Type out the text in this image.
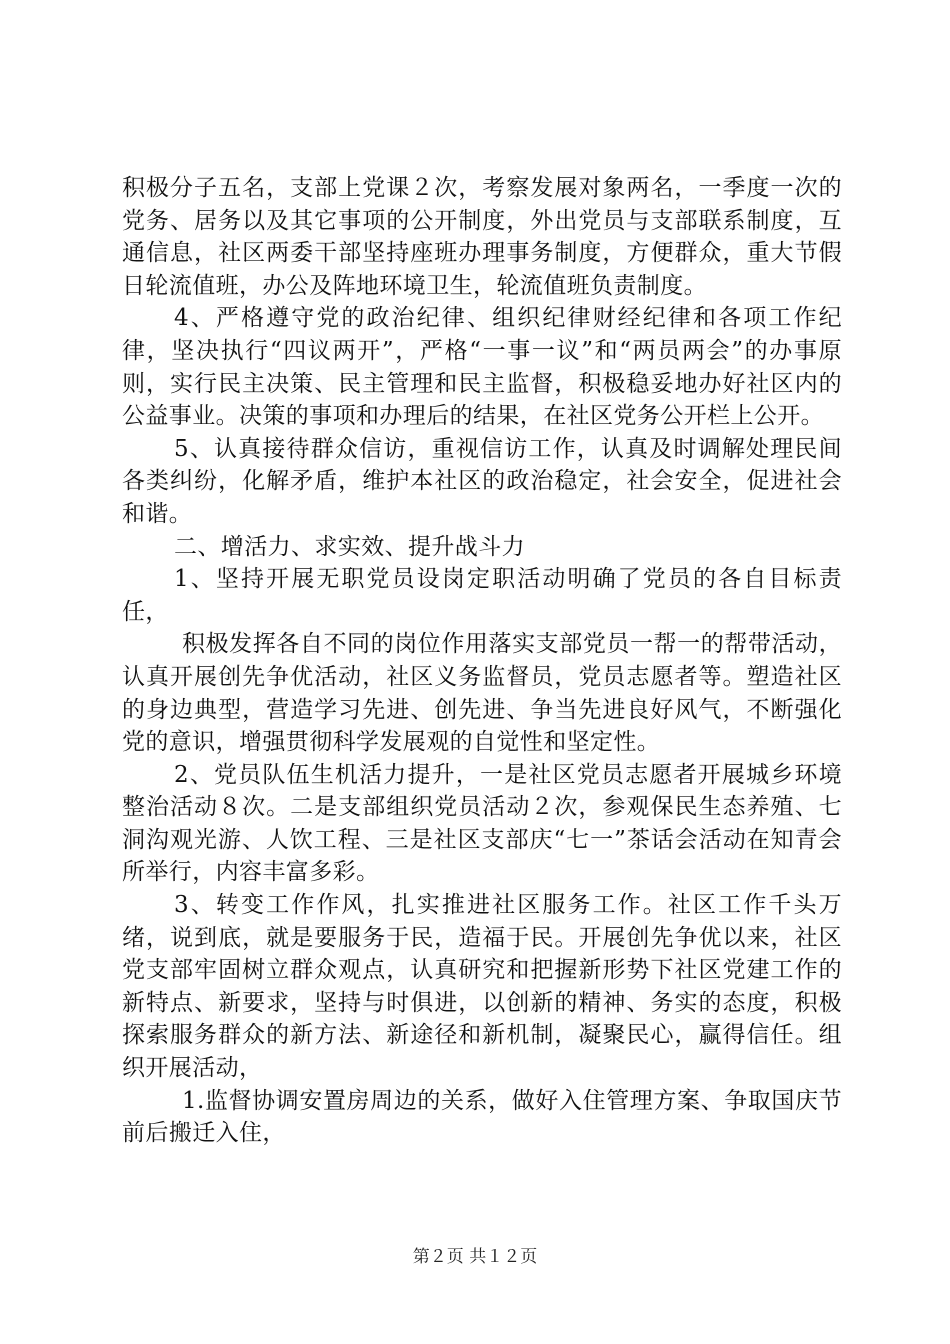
积极分子五名，支部上党课２次，考察发展对象两名，一季度一次的党务、居务以及其它事项的公开制度，外出党员与支部联系制度，互通信息，社区两委干部坚持座班办理事务制度，方便群众，重大节假日轮流值班，办公及阵地环境卫生，轮流值班负责制度。

4、严格遵守党的政治纪律、组织纪律财经纪律和各项工作纪律，坚决执行“四议两开”，严格“一事一议”和“两员两会”的办事原则，实行民主决策、民主管理和民主监督，积极稳妥地办好社区内的公益事业。决策的事项和办理后的结果，在社区党务公开栏上公开。

5、认真接待群众信访，重视信访工作，认真及时调解处理民间各类纠纷，化解矛盾，维护本社区的政治稳定，社会安全，促进社会和谐。

二、增活力、求实效、提升战斗力

1、坚持开展无职党员设岗定职活动明确了党员的各自目标责任，

积极发挥各自不同的岗位作用落实支部党员一帮一的帮带活动，认真开展创先争优活动，社区义务监督员，党员志愿者等。塑造社区的身边典型，营造学习先进、创先进、争当先进良好风气，不断强化党的意识，增强贯彻科学发展观的自觉性和坚定性。

2、党员队伍生机活力提升，一是社区党员志愿者开展城乡环境整治活动８次。二是支部组织党员活动２次，参观保民生态养殖、七洞沟观光游、人饮工程、三是社区支部庆“七一”茶话会活动在知青会所举行，内容丰富多彩。

3、转变工作作风，扎实推进社区服务工作。社区工作千头万绪，说到底，就是要服务于民，造福于民。开展创先争优以来，社区党支部牢固树立群众观点，认真研究和把握新形势下社区党建工作的新特点、新要求，坚持与时俱进，以创新的精神、务实的态度，积极探索服务群众的新方法、新途径和新机制，凝聚民心，赢得信任。组织开展活动，

1.监督协调安置房周边的关系，做好入住管理方案、争取国庆节前后搬迁入住，

第２页 共１２页
